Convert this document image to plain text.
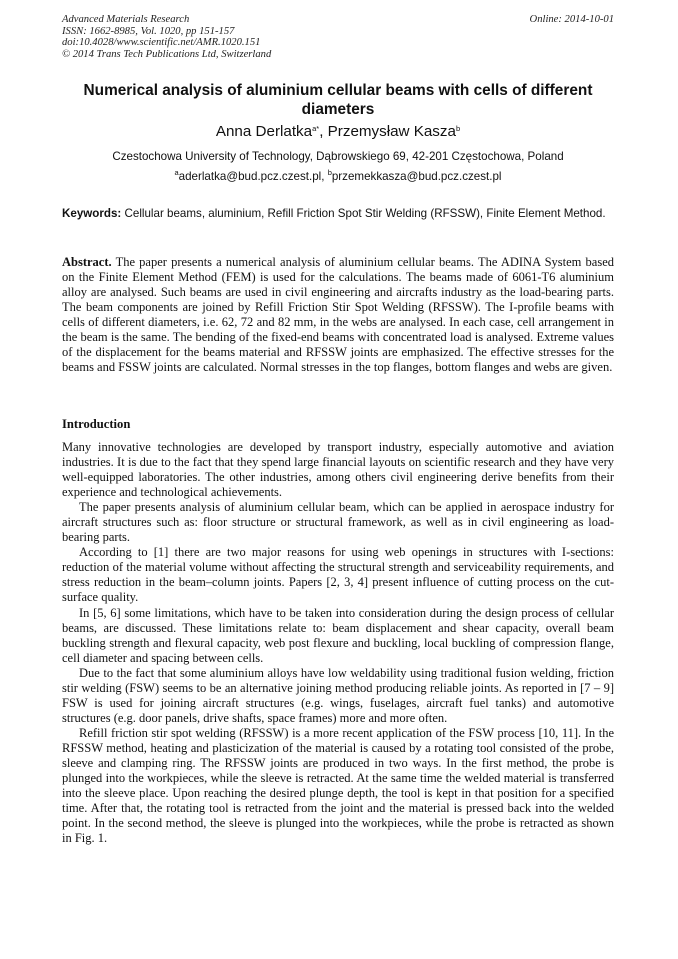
Advanced Materials Research
ISSN: 1662-8985, Vol. 1020, pp 151-157
doi:10.4028/www.scientific.net/AMR.1020.151
© 2014 Trans Tech Publications Ltd, Switzerland
Online: 2014-10-01
Numerical analysis of aluminium cellular beams with cells of different diameters
Anna Derlatka$^{a*}$, Przemysław Kasza$^b$
Czestochowa University of Technology, Dąbrowskiego 69, 42-201 Częstochowa, Poland
$^a$aderlatka@bud.pcz.czest.pl, $^b$przemekkasza@bud.pcz.czest.pl
Keywords: Cellular beams, aluminium, Refill Friction Spot Stir Welding (RFSSW), Finite Element Method.
Abstract. The paper presents a numerical analysis of aluminium cellular beams. The ADINA System based on the Finite Element Method (FEM) is used for the calculations. The beams made of 6061-T6 aluminium alloy are analysed. Such beams are used in civil engineering and aircrafts industry as the load-bearing parts. The beam components are joined by Refill Friction Stir Spot Welding (RFSSW). The I-profile beams with cells of different diameters, i.e. 62, 72 and 82 mm, in the webs are analysed. In each case, cell arrangement in the beam is the same. The bending of the fixed-end beams with concentrated load is analysed. Extreme values of the displacement for the beams material and RFSSW joints are emphasized. The effective stresses for the beams and FSSW joints are calculated. Normal stresses in the top flanges, bottom flanges and webs are given.
Introduction

Many innovative technologies are developed by transport industry, especially automotive and aviation industries. It is due to the fact that they spend large financial layouts on scientific research and they have very well-equipped laboratories. The other industries, among others civil engineering derive benefits from their experience and technological achievements.

The paper presents analysis of aluminium cellular beam, which can be applied in aerospace industry for aircraft structures such as: floor structure or structural framework, as well as in civil engineering as load-bearing parts.

According to [1] there are two major reasons for using web openings in structures with I-sections: reduction of the material volume without affecting the structural strength and serviceability requirements, and stress reduction in the beam–column joints. Papers [2, 3, 4] present influence of cutting process on the cut-surface quality.

In [5, 6] some limitations, which have to be taken into consideration during the design process of cellular beams, are discussed. These limitations relate to: beam displacement and shear capacity, overall beam buckling strength and flexural capacity, web post flexure and buckling, local buckling of compression flange, cell diameter and spacing between cells.

Due to the fact that some aluminium alloys have low weldability using traditional fusion welding, friction stir welding (FSW) seems to be an alternative joining method producing reliable joints. As reported in [7 – 9] FSW is used for joining aircraft structures (e.g. wings, fuselages, aircraft fuel tanks) and automotive structures (e.g. door panels, drive shafts, space frames) more and more often.

Refill friction stir spot welding (RFSSW) is a more recent application of the FSW process [10, 11]. In the RFSSW method, heating and plasticization of the material is caused by a rotating tool consisted of the probe, sleeve and clamping ring. The RFSSW joints are produced in two ways. In the first method, the probe is plunged into the workpieces, while the sleeve is retracted. At the same time the welded material is transferred into the sleeve place. Upon reaching the desired plunge depth, the tool is kept in that position for a specified time. After that, the rotating tool is retracted from the joint and the material is pressed back into the welded point. In the second method, the sleeve is plunged into the workpieces, while the probe is retracted as shown in Fig. 1.
